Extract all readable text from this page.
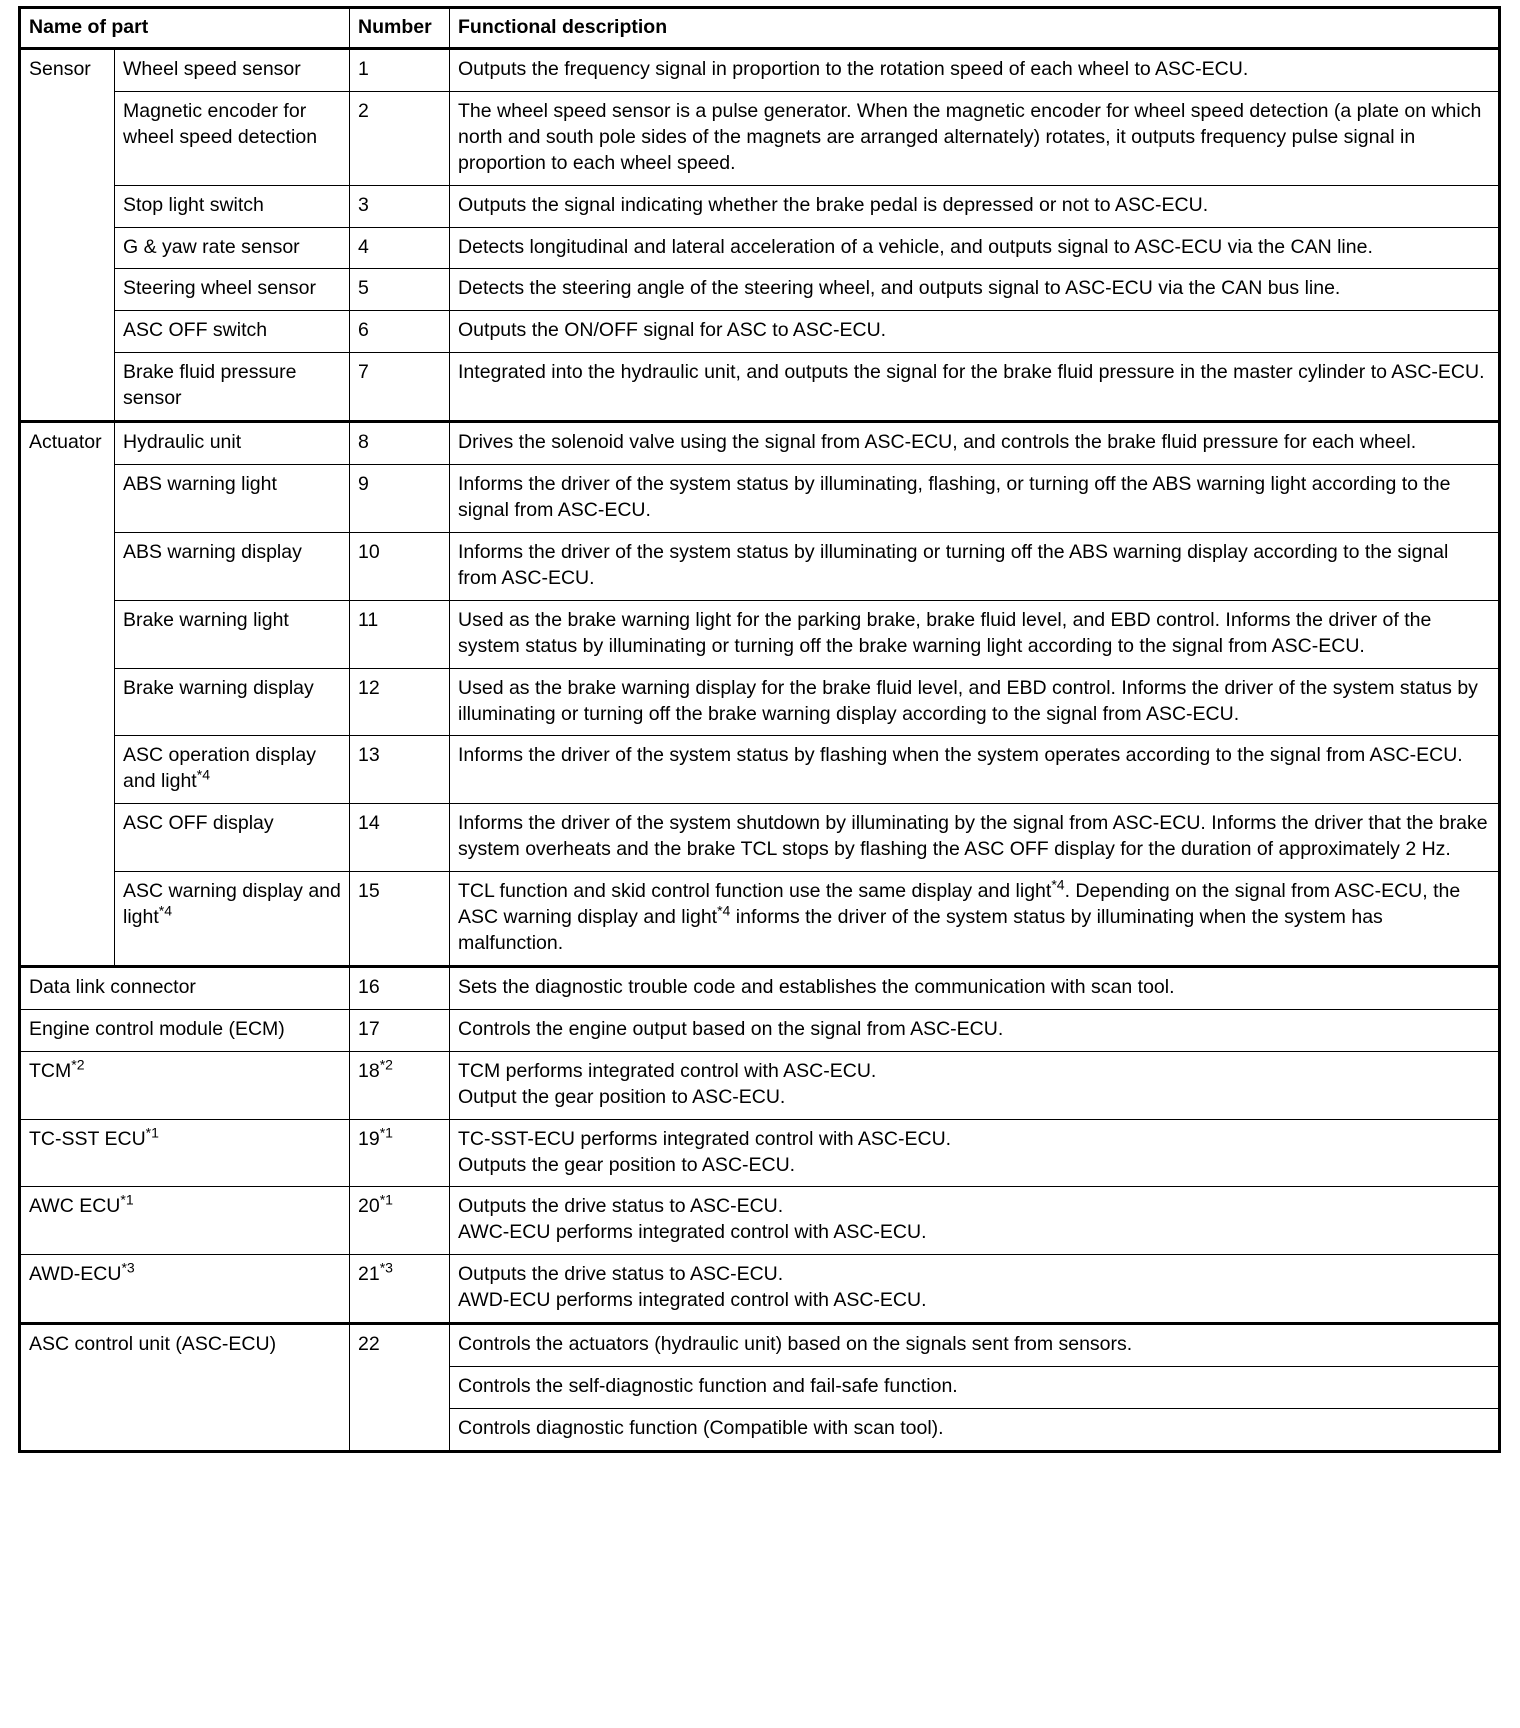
Name of part		Number	Functional description
Sensor	Wheel speed sensor	1	Outputs the frequency signal in proportion to the rotation speed of each wheel to ASC-ECU.
	Magnetic encoder for wheel speed detection	2	The wheel speed sensor is a pulse generator. When the magnetic encoder for wheel speed detection (a plate on which north and south pole sides of the magnets are arranged alternately) rotates, it outputs frequency pulse signal in proportion to each wheel speed.
	Stop light switch	3	Outputs the signal indicating whether the brake pedal is depressed or not to ASC-ECU.
	G & yaw rate sensor	4	Detects longitudinal and lateral acceleration of a vehicle, and outputs signal to ASC-ECU via the CAN line.
	Steering wheel sensor	5	Detects the steering angle of the steering wheel, and outputs signal to ASC-ECU via the CAN bus line.
	ASC OFF switch	6	Outputs the ON/OFF signal for ASC to ASC-ECU.
	Brake fluid pressure sensor	7	Integrated into the hydraulic unit, and outputs the signal for the brake fluid pressure in the master cylinder to ASC-ECU.
Actuator	Hydraulic unit	8	Drives the solenoid valve using the signal from ASC-ECU, and controls the brake fluid pressure for each wheel.
	ABS warning light	9	Informs the driver of the system status by illuminating, flashing, or turning off the ABS warning light according to the signal from ASC-ECU.
	ABS warning display	10	Informs the driver of the system status by illuminating or turning off the ABS warning display according to the signal from ASC-ECU.
	Brake warning light	11	Used as the brake warning light for the parking brake, brake fluid level, and EBD control. Informs the driver of the system status by illuminating or turning off the brake warning light according to the signal from ASC-ECU.
	Brake warning display	12	Used as the brake warning display for the brake fluid level, and EBD control. Informs the driver of the system status by illuminating or turning off the brake warning display according to the signal from ASC-ECU.
	ASC operation display and light$^{*4}$	13	Informs the driver of the system status by flashing when the system operates according to the signal from ASC-ECU.
	ASC OFF display	14	Informs the driver of the system shutdown by illuminating by the signal from ASC-ECU. Informs the driver that the brake system overheats and the brake TCL stops by flashing the ASC OFF display for the duration of approximately 2 Hz.
	ASC warning display and light$^{*4}$	15	TCL function and skid control function use the same display and light$^{*4}$. Depending on the signal from ASC-ECU, the ASC warning display and light$^{*4}$ informs the driver of the system status by illuminating when the system has malfunction.
Data link connector		16	Sets the diagnostic trouble code and establishes the communication with scan tool.
Engine control module (ECM)		17	Controls the engine output based on the signal from ASC-ECU.
TCM$^{*2}$		18$^{*2}$	TCM performs integrated control with ASC-ECU.
Output the gear position to ASC-ECU.

TC-SST ECU$^{*1}$		19$^{*1}$	TC-SST-ECU performs integrated control with ASC-ECU.
Outputs the gear position to ASC-ECU.

AWC ECU$^{*1}$		20$^{*1}$	Outputs the drive status to ASC-ECU.
AWC-ECU performs integrated control with ASC-ECU.

AWD-ECU$^{*3}$		21$^{*3}$	Outputs the drive status to ASC-ECU.
AWD-ECU performs integrated control with ASC-ECU.

ASC control unit (ASC-ECU)		22	Controls the actuators (hydraulic unit) based on the signals sent from sensors.
			Controls the self-diagnostic function and fail-safe function.
			Controls diagnostic function (Compatible with scan tool).
